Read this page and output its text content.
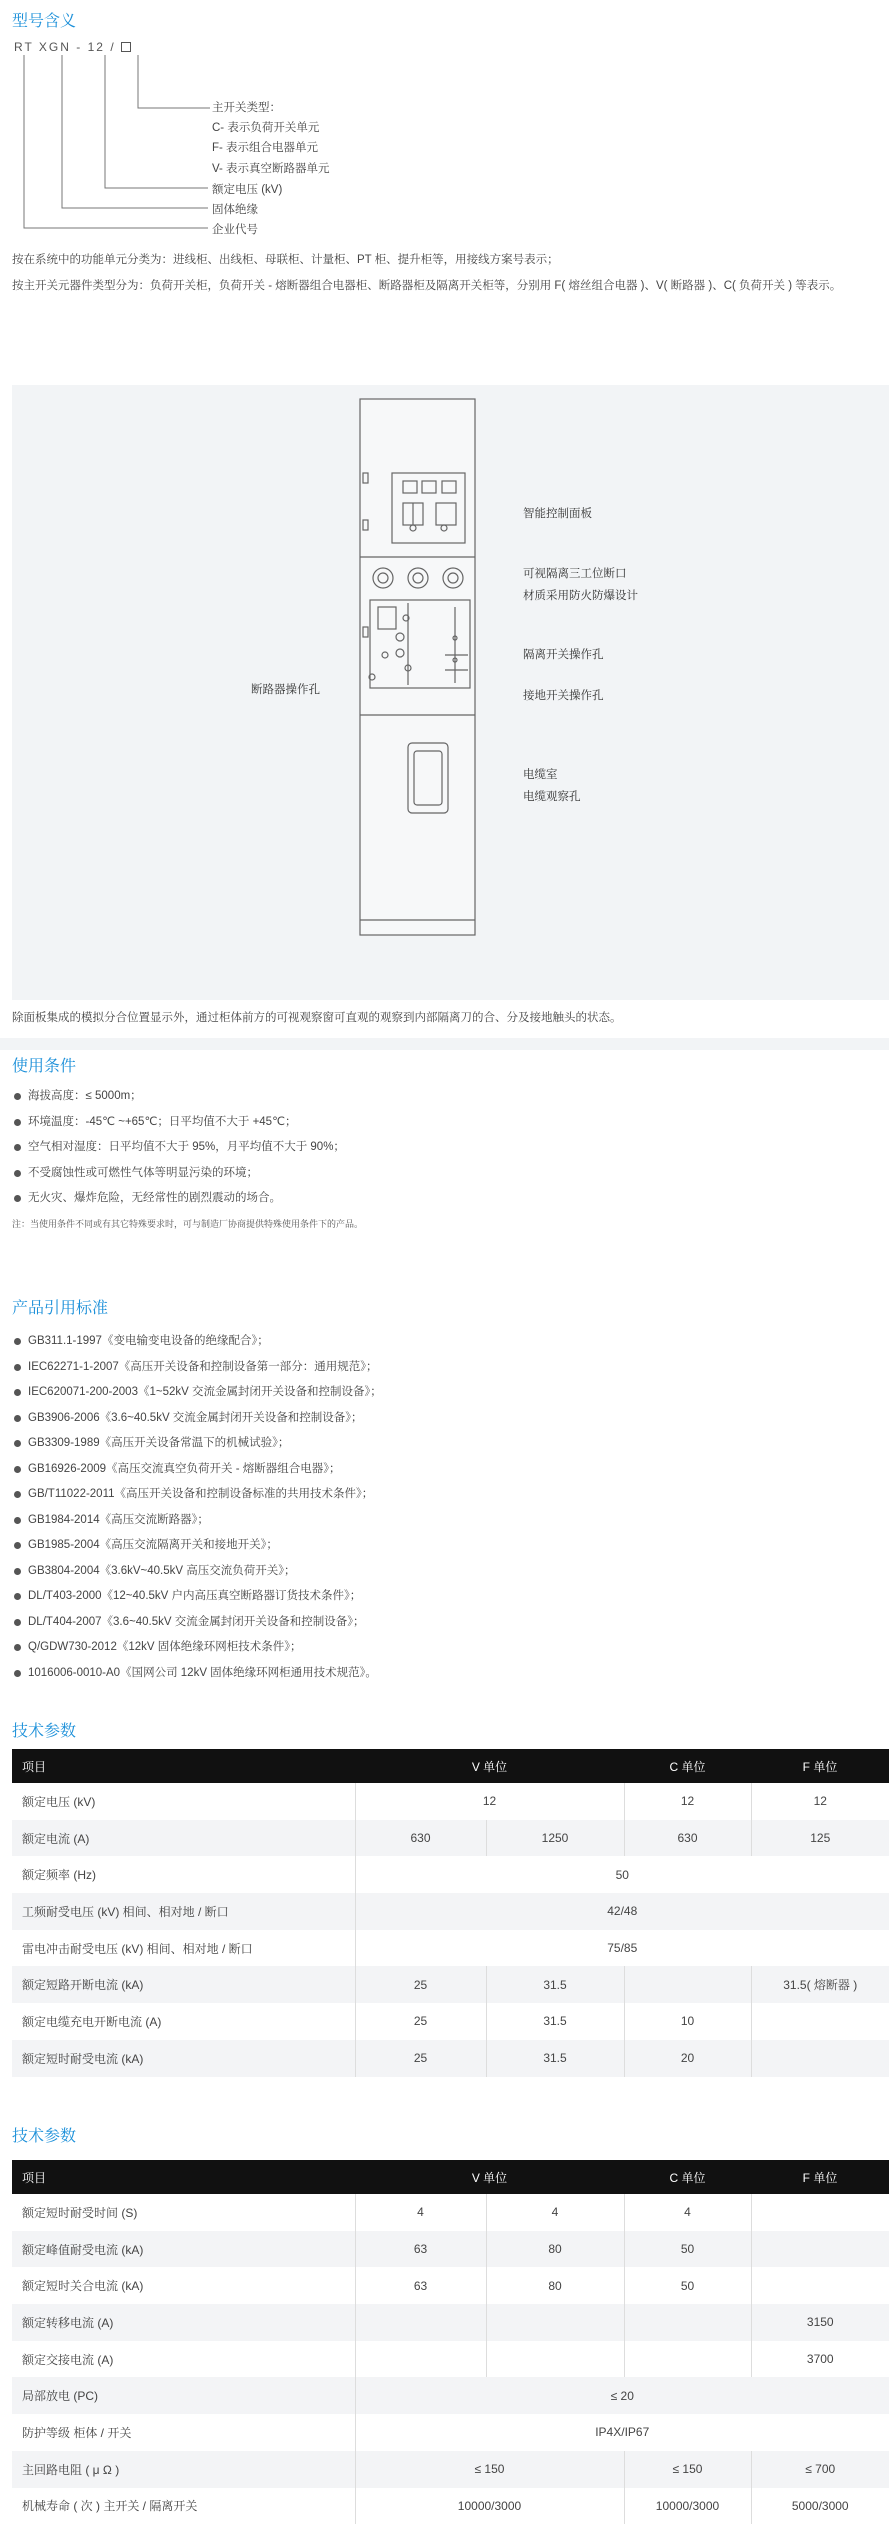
型号含义
RT XGN - 12 /
主开关类型：
C- 表示负荷开关单元
F- 表示组合电器单元
V- 表示真空断路器单元
额定电压 (kV)
固体绝缘
企业代号
按在系统中的功能单元分类为：进线柜、出线柜、母联柜、计量柜、PT 柜、提升柜等，用接线方案号表示；
按主开关元器件类型分为：负荷开关柜，负荷开关 - 熔断器组合电器柜、断路器柜及隔离开关柜等，分别用 F( 熔丝组合电器 )、V( 断路器 )、C( 负荷开关 ) 等表示。
智能控制面板
可视隔离三工位断口
材质采用防火防爆设计
隔离开关操作孔
接地开关操作孔
断路器操作孔
电缆室
电缆观察孔
除面板集成的模拟分合位置显示外，通过柜体前方的可视观察窗可直观的观察到内部隔离刀的合、分及接地触头的状态。
使用条件
海拔高度：≤ 5000m；
环境温度：-45℃ ~+65℃；日平均值不大于 +45℃；
空气相对湿度：日平均值不大于 95%，月平均值不大于 90%；
不受腐蚀性或可燃性气体等明显污染的环境；
无火灾、爆炸危险，无经常性的剧烈震动的场合。
注：当使用条件不同或有其它特殊要求时，可与制造厂协商提供特殊使用条件下的产品。
产品引用标准
GB311.1-1997《变电输变电设备的绝缘配合》；
IEC62271-1-2007《高压开关设备和控制设备第一部分：通用规范》；
IEC620071-200-2003《1~52kV 交流金属封闭开关设备和控制设备》；
GB3906-2006《3.6~40.5kV 交流金属封闭开关设备和控制设备》；
GB3309-1989《高压开关设备常温下的机械试验》；
GB16926-2009《高压交流真空负荷开关 - 熔断器组合电器》；
GB/T11022-2011《高压开关设备和控制设备标准的共用技术条件》；
GB1984-2014《高压交流断路器》；
GB1985-2004《高压交流隔离开关和接地开关》；
GB3804-2004《3.6kV~40.5kV 高压交流负荷开关》；
DL/T403-2000《12~40.5kV 户内高压真空断路器订货技术条件》；
DL/T404-2007《3.6~40.5kV 交流金属封闭开关设备和控制设备》；
Q/GDW730-2012《12kV 固体绝缘环网柜技术条件》；
1016006-0010-A0《国网公司 12kV 固体绝缘环网柜通用技术规范》。
技术参数
项目	V 单位		C 单位	F 单位
额定电压 (kV)	12		12	12
额定电流 (A)	630	1250	630	125
额定频率 (Hz)	50			
工频耐受电压 (kV) 相间、相对地 / 断口	42/48			
雷电冲击耐受电压 (kV) 相间、相对地 / 断口	75/85			
额定短路开断电流 (kA)	25	31.5		31.5( 熔断器 )
额定电缆充电开断电流 (A)	25	31.5	10	
额定短时耐受电流 (kA)	25	31.5	20	
技术参数
项目	V 单位		C 单位	F 单位
额定短时耐受时间 (S)	4	4	4	
额定峰值耐受电流 (kA)	63	80	50	
额定短时关合电流 (kA)	63	80	50	
额定转移电流 (A)				3150
额定交接电流 (A)				3700
局部放电 (PC)	≤ 20			
防护等级 柜体 / 开关	IP4X/IP67			
主回路电阻 ( μ Ω )	≤ 150		≤ 150	≤ 700
机械寿命 ( 次 ) 主开关 / 隔离开关	10000/3000		10000/3000	5000/3000
